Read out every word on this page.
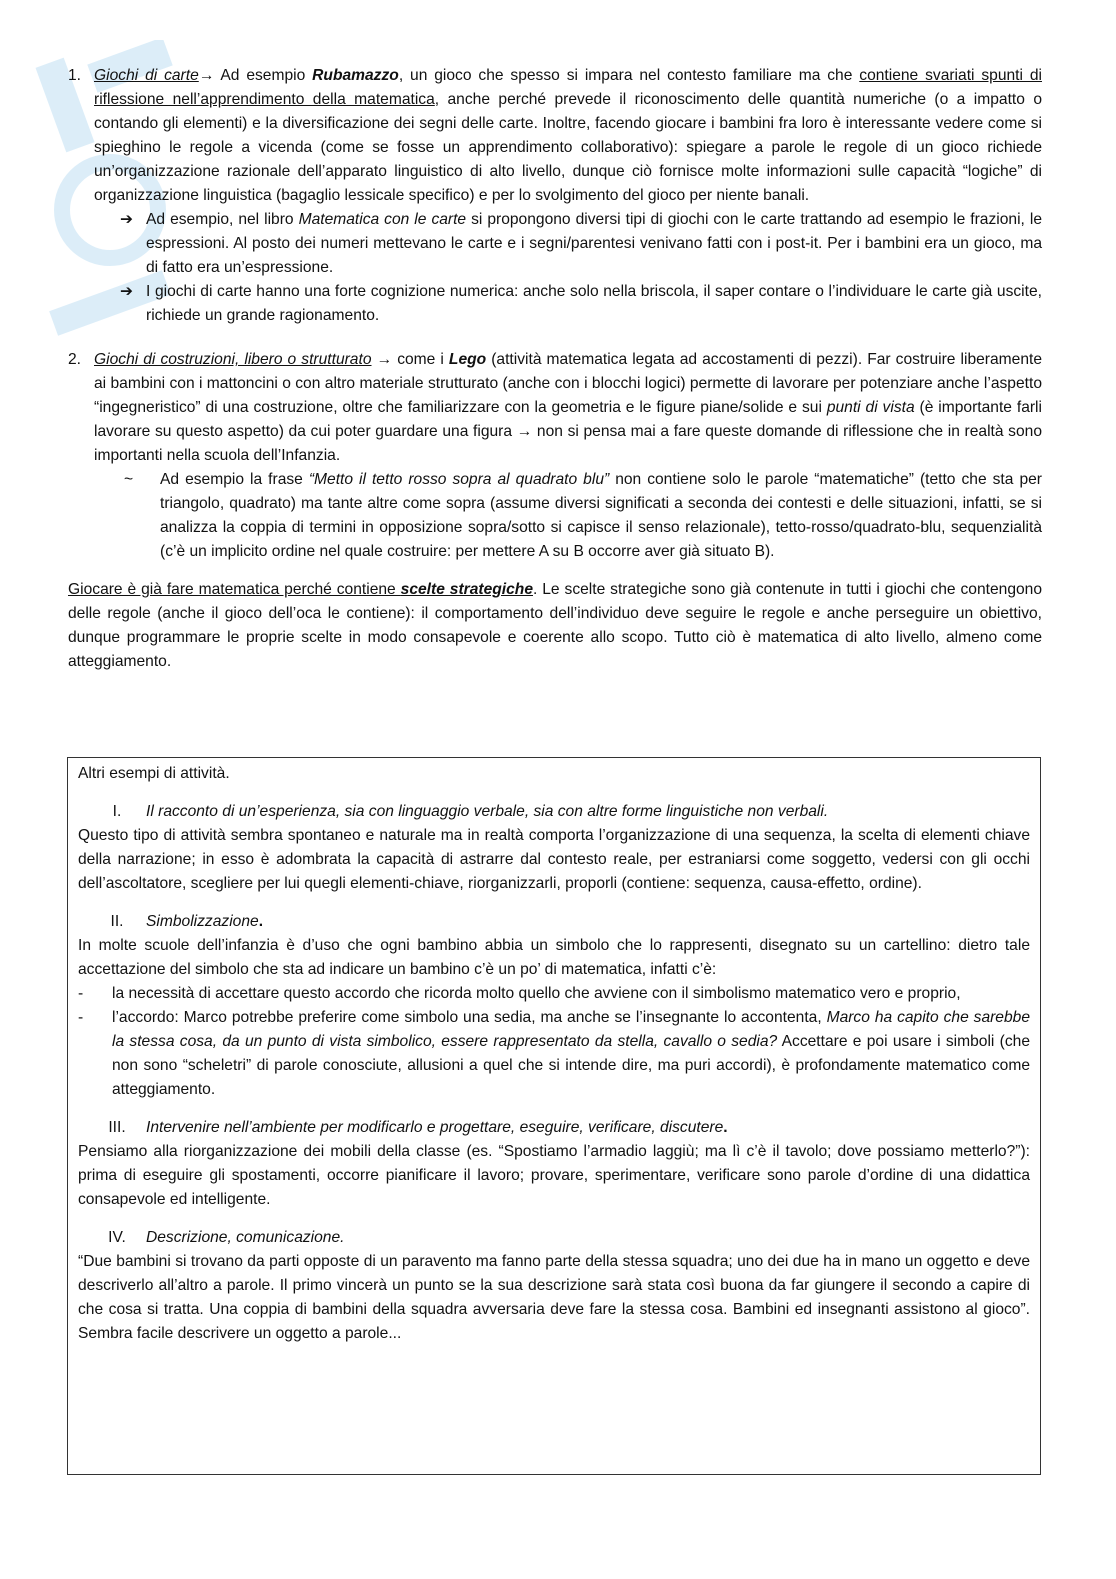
1. Giochi di carte→ Ad esempio Rubamazzo, un gioco che spesso si impara nel contesto familiare ma che contiene svariati spunti di riflessione nell’apprendimento della matematica, anche perché prevede il riconoscimento delle quantità numeriche (o a impatto o contando gli elementi) e la diversificazione dei segni delle carte. Inoltre, facendo giocare i bambini fra loro è interessante vedere come si spieghino le regole a vicenda (come se fosse un apprendimento collaborativo): spiegare a parole le regole di un gioco richiede un’organizzazione razionale dell’apparato linguistico di alto livello, dunque ciò fornisce molte informazioni sulle capacità “logiche” di organizzazione linguistica (bagaglio lessicale specifico) e per lo svolgimento del gioco per niente banali.

➔ Ad esempio, nel libro Matematica con le carte si propongono diversi tipi di giochi con le carte trattando ad esempio le frazioni, le espressioni. Al posto dei numeri mettevano le carte e i segni/parentesi venivano fatti con i post-it. Per i bambini era un gioco, ma di fatto era un’espressione.

➔ I giochi di carte hanno una forte cognizione numerica: anche solo nella briscola, il saper contare o l’individuare le carte già uscite, richiede un grande ragionamento.

2. Giochi di costruzioni, libero o strutturato → come i Lego (attività matematica legata ad accostamenti di pezzi). Far costruire liberamente ai bambini con i mattoncini o con altro materiale strutturato (anche con i blocchi logici) permette di lavorare per potenziare anche l’aspetto “ingegneristico” di una costruzione, oltre che familiarizzare con la geometria e le figure piane/solide e sui punti di vista (è importante farli lavorare su questo aspetto) da cui poter guardare una figura → non si pensa mai a fare queste domande di riflessione che in realtà sono importanti nella scuola dell’Infanzia.

~ Ad esempio la frase “Metto il tetto rosso sopra al quadrato blu” non contiene solo le parole “matematiche” (tetto che sta per triangolo, quadrato) ma tante altre come sopra (assume diversi significati a seconda dei contesti e delle situazioni, infatti, se si analizza la coppia di termini in opposizione sopra/sotto si capisce il senso relazionale), tetto-rosso/quadrato-blu, sequenzialità (c’è un implicito ordine nel quale costruire: per mettere A su B occorre aver già situato B).

Giocare è già fare matematica perché contiene scelte strategiche. Le scelte strategiche sono già contenute in tutti i giochi che contengono delle regole (anche il gioco dell’oca le contiene): il comportamento dell’individuo deve seguire le regole e anche perseguire un obiettivo, dunque programmare le proprie scelte in modo consapevole e coerente allo scopo. Tutto ciò è matematica di alto livello, almeno come atteggiamento.

Altri esempi di attività.

I.	Il racconto di un’esperienza, sia con linguaggio verbale, sia con altre forme linguistiche non verbali.

Questo tipo di attività sembra spontaneo e naturale ma in realtà comporta l’organizzazione di una sequenza, la scelta di elementi chiave della narrazione; in esso è adombrata la capacità di astrarre dal contesto reale, per estraniarsi come soggetto, vedersi con gli occhi dell’ascoltatore, scegliere per lui quegli elementi-chiave, riorganizzarli, proporli (contiene: sequenza, causa-effetto, ordine).

II.	Simbolizzazione.

In molte scuole dell’infanzia è d’uso che ogni bambino abbia un simbolo che lo rappresenti, disegnato su un cartellino: dietro tale accettazione del simbolo che sta ad indicare un bambino c’è un po’ di matematica, infatti c’è:

- la necessità di accettare questo accordo che ricorda molto quello che avviene con il simbolismo matematico vero e proprio,

- l’accordo: Marco potrebbe preferire come simbolo una sedia, ma anche se l’insegnante lo accontenta, Marco ha capito che sarebbe la stessa cosa, da un punto di vista simbolico, essere rappresentato da stella, cavallo o sedia? Accettare e poi usare i simboli (che non sono “scheletri” di parole conosciute, allusioni a quel che si intende dire, ma puri accordi), è profondamente matematico come atteggiamento.

III.	Intervenire nell’ambiente per modificarlo e progettare, eseguire, verificare, discutere.

Pensiamo alla riorganizzazione dei mobili della classe (es. “Spostiamo l’armadio laggiù; ma lì c’è il tavolo; dove possiamo metterlo?”): prima di eseguire gli spostamenti, occorre pianificare il lavoro; provare, sperimentare, verificare sono parole d’ordine di una didattica consapevole ed intelligente.

IV.	Descrizione, comunicazione.

“Due bambini si trovano da parti opposte di un paravento ma fanno parte della stessa squadra; uno dei due ha in mano un oggetto e deve descriverlo all’altro a parole. Il primo vincerà un punto se la sua descrizione sarà stata così buona da far giungere il secondo a capire di che cosa si tratta. Una coppia di bambini della squadra avversaria deve fare la stessa cosa. Bambini ed insegnanti assistono al gioco”. Sembra facile descrivere un oggetto a parole...
